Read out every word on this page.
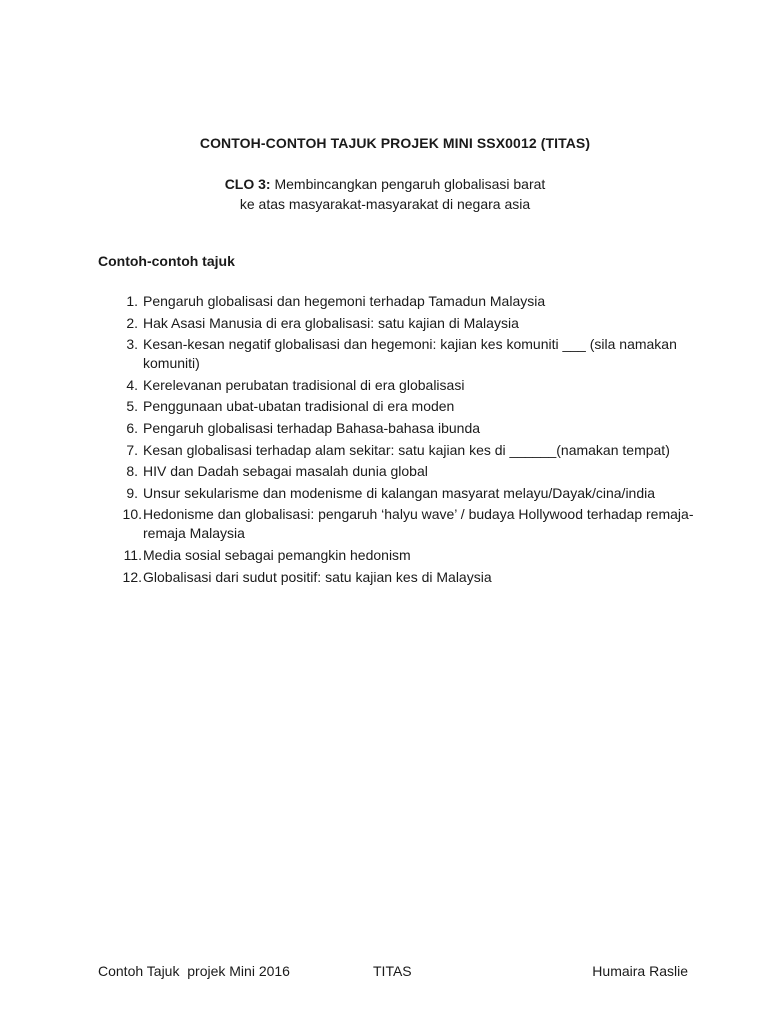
CONTOH-CONTOH TAJUK PROJEK MINI SSX0012 (TITAS)
CLO 3: Membincangkan pengaruh globalisasi barat
ke atas masyarakat-masyarakat di negara asia
Contoh-contoh tajuk
1. Pengaruh globalisasi dan hegemoni terhadap Tamadun Malaysia
2. Hak Asasi Manusia di era globalisasi: satu kajian di Malaysia
3. Kesan-kesan negatif globalisasi dan hegemoni: kajian kes komuniti ___ (sila namakan komuniti)
4. Kerelevanan perubatan tradisional di era globalisasi
5. Penggunaan ubat-ubatan tradisional di era moden
6. Pengaruh globalisasi terhadap Bahasa-bahasa ibunda
7. Kesan globalisasi terhadap alam sekitar: satu kajian kes di ______(namakan tempat)
8. HIV dan Dadah sebagai masalah dunia global
9. Unsur sekularisme dan modenisme di kalangan masyarat melayu/Dayak/cina/india
10. Hedonisme dan globalisasi: pengaruh ‘halyu wave’ / budaya Hollywood terhadap remaja-remaja Malaysia
11. Media sosial sebagai pemangkin hedonism
12. Globalisasi dari sudut positif: satu kajian kes di Malaysia
Contoh Tajuk  projek Mini 2016	TITAS	Humaira Raslie
